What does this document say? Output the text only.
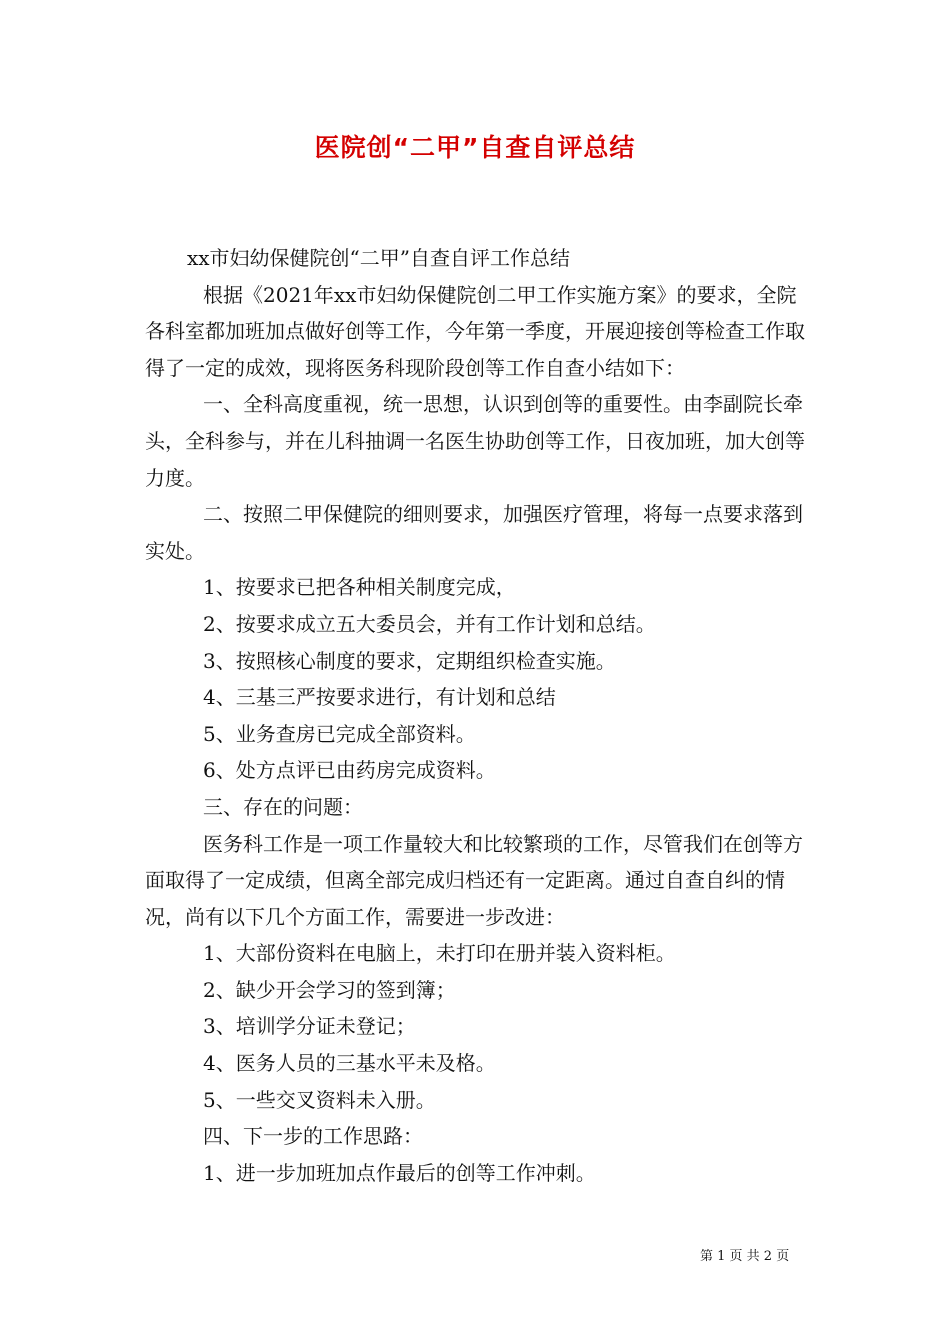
医院创“二甲”自查自评总结

xx市妇幼保健院创“二甲”自查自评工作总结

根据《2021年xx市妇幼保健院创二甲工作实施方案》的要求，全院各科室都加班加点做好创等工作，今年第一季度，开展迎接创等检查工作取得了一定的成效，现将医务科现阶段创等工作自查小结如下：

一、全科高度重视，统一思想，认识到创等的重要性。由李副院长牵头，全科参与，并在儿科抽调一名医生协助创等工作，日夜加班，加大创等力度。

二、按照二甲保健院的细则要求，加强医疗管理，将每一点要求落到实处。

1、按要求已把各种相关制度完成，

2、按要求成立五大委员会，并有工作计划和总结。

3、按照核心制度的要求，定期组织检查实施。

4、三基三严按要求进行，有计划和总结

5、业务查房已完成全部资料。

6、处方点评已由药房完成资料。

三、存在的问题：

医务科工作是一项工作量较大和比较繁琐的工作，尽管我们在创等方面取得了一定成绩，但离全部完成归档还有一定距离。通过自查自纠的情况，尚有以下几个方面工作，需要进一步改进：

1、大部份资料在电脑上，未打印在册并装入资料柜。

2、缺少开会学习的签到簿；

3、培训学分证未登记；

4、医务人员的三基水平未及格。

5、一些交叉资料未入册。

四、下一步的工作思路：

1、进一步加班加点作最后的创等工作冲刺。

第 1 页 共 2 页
